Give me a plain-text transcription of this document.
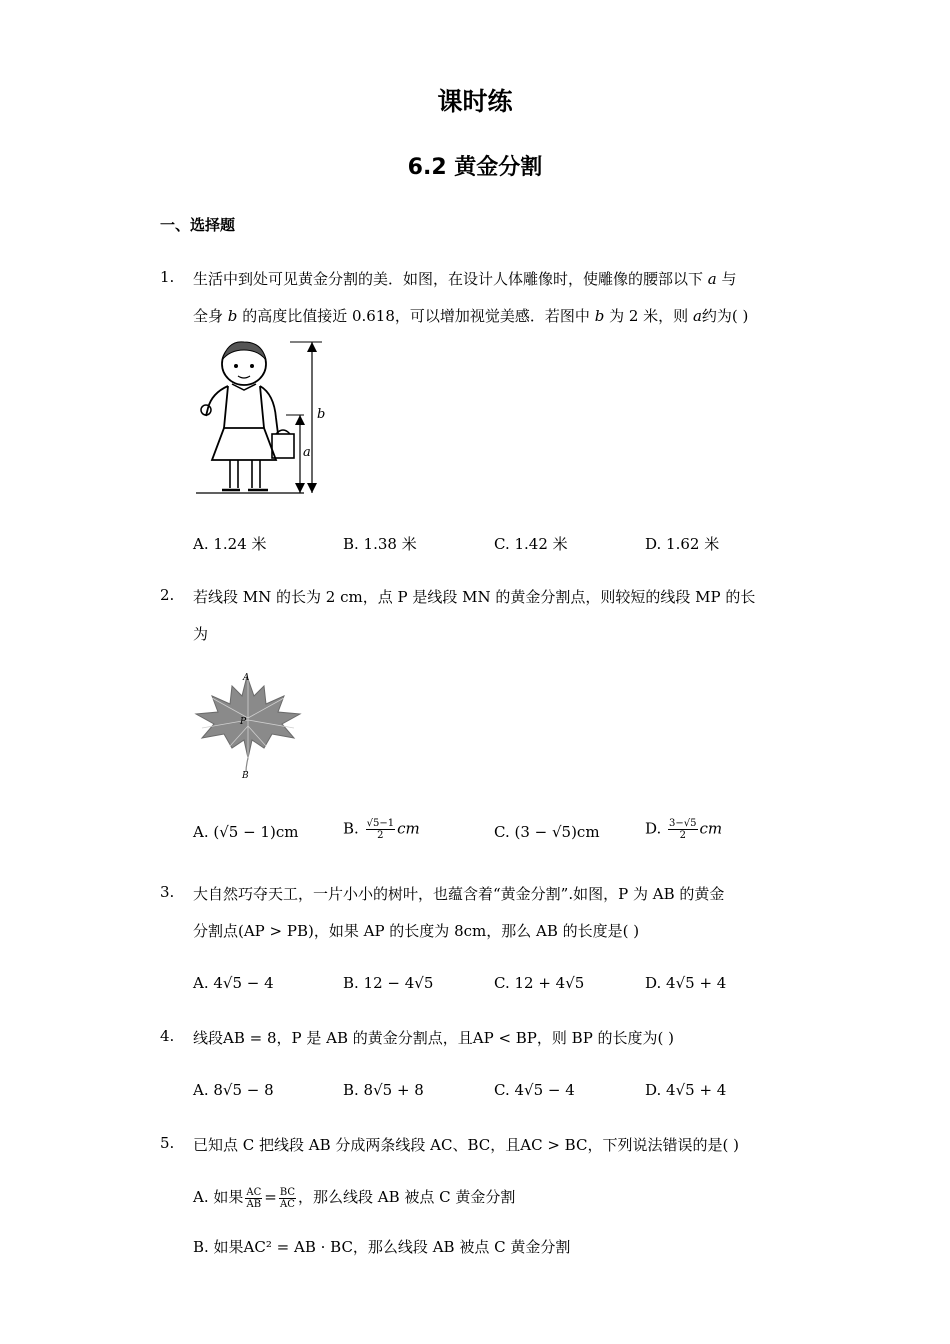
课时练
6.2 黄金分割
一、选择题
1. 生活中到处可见黄金分割的美．如图，在设计人体雕像时，使雕像的腰部以下 a 与
全身 b 的高度比值接近 0.618，可以增加视觉美感．若图中 b 为 2 米，则 a约为( )
b
a
A. 1.24 米	B. 1.38 米	C. 1.42 米	D. 1.62 米
2. 若线段 MN 的长为 2 cm，点 P 是线段 MN 的黄金分割点，则较短的线段 MP 的长
为
A
P
B
A. (√5 − 1)cm	B. $\frac{√5-1}{2}$ cm	C. (3 − √5)cm	D. $\frac{3-√5}{2}$ cm
3. 大自然巧夺天工，一片小小的树叶，也蕴含着“黄金分割”.如图，P 为 AB 的黄金
分割点(AP > PB)，如果 AP 的长度为 8cm，那么 AB 的长度是( )
A. 4√5 − 4	B. 12 − 4√5	C. 12 + 4√5	D. 4√5 + 4
4. 线段AB = 8，P 是 AB 的黄金分割点，且AP < BP，则 BP 的长度为( )
A. 8√5 − 8	B. 8√5 + 8	C. 4√5 − 4	D. 4√5 + 4
5. 已知点 C 把线段 AB 分成两条线段 AC、BC，且AC > BC，下列说法错误的是( )
A. 如果 $\frac{AC}{AB} = \frac{BC}{AC}$ ，那么线段 AB 被点 C 黄金分割
B. 如果AC² = AB · BC，那么线段 AB 被点 C 黄金分割
